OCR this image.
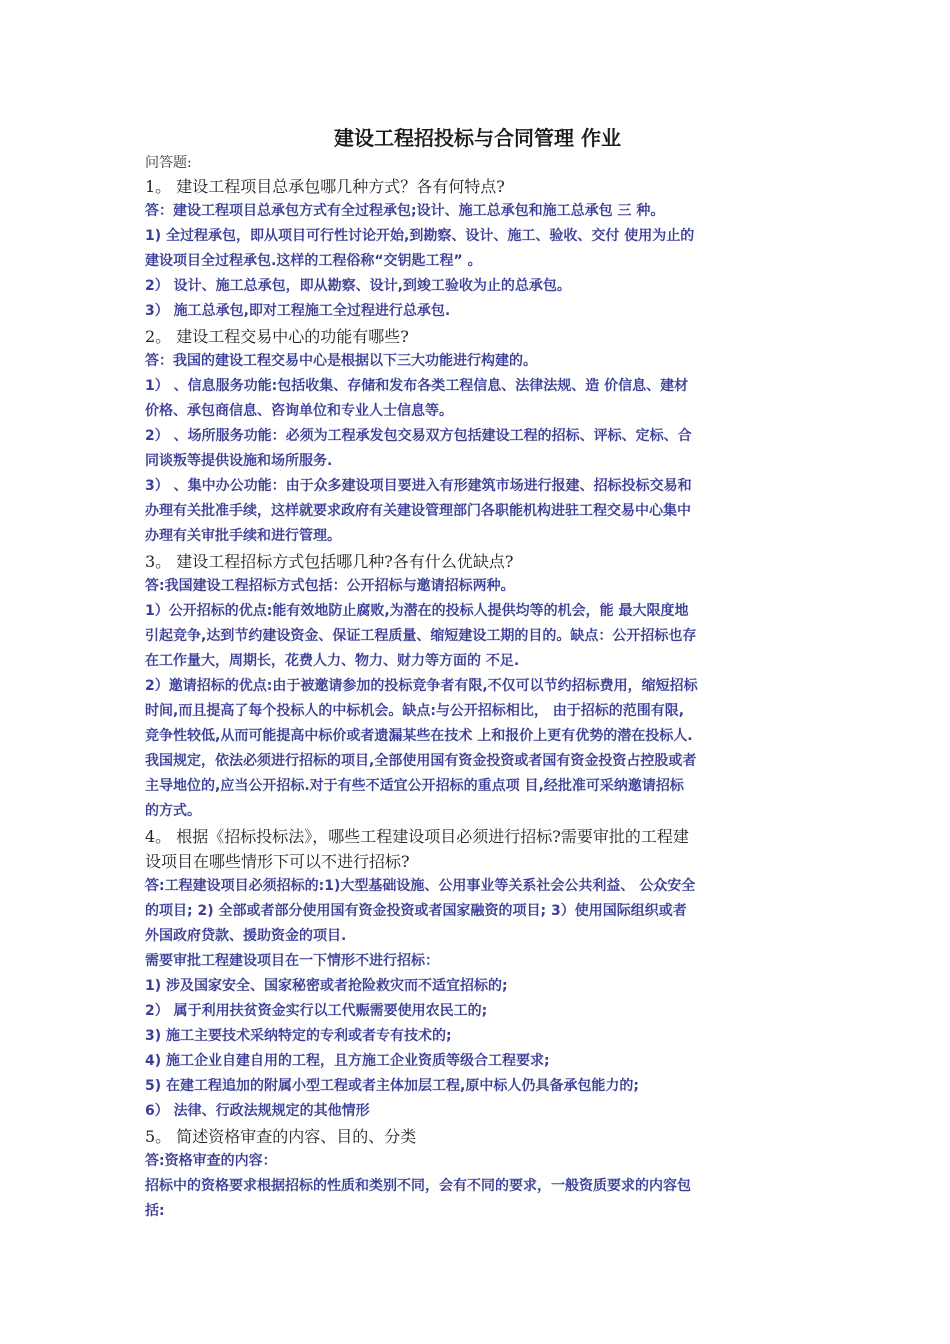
建设工程招投标与合同管理 作业
问答题:
1。 建设工程项目总承包哪几种方式？各有何特点?
答：建设工程项目总承包方式有全过程承包;设计、施工总承包和施工总承包 三 种。
1) 全过程承包，即从项目可行性讨论开始,到勘察、设计、施工、验收、交付 使用为止的
建设项目全过程承包.这样的工程俗称“交钥匙工程” 。
2） 设计、施工总承包，即从勘察、设计,到竣工验收为止的总承包。
3） 施工总承包,即对工程施工全过程进行总承包.
2。 建设工程交易中心的功能有哪些?
答：我国的建设工程交易中心是根据以下三大功能进行构建的。
1） 、信息服务功能:包括收集、存储和发布各类工程信息、法律法规、造 价信息、建材
价格、承包商信息、咨询单位和专业人士信息等。
2） 、场所服务功能：必须为工程承发包交易双方包括建设工程的招标、评标、定标、合
同谈叛等提供设施和场所服务.
3） 、集中办公功能：由于众多建设项目要进入有形建筑市场进行报建、招标投标交易和
办理有关批准手续，这样就要求政府有关建设管理部门各职能机构进驻工程交易中心集中
办理有关审批手续和进行管理。
3。 建设工程招标方式包括哪几种?各有什么优缺点?
答:我国建设工程招标方式包括：公开招标与邀请招标两种。
1）公开招标的优点:能有效地防止腐败,为潜在的投标人提供均等的机会，能 最大限度地
引起竞争,达到节约建设资金、保证工程质量、缩短建设工期的目的。缺点：公开招标也存
在工作量大，周期长，花费人力、物力、财力等方面的 不足.
2）邀请招标的优点:由于被邀请参加的投标竞争者有限,不仅可以节约招标费用，缩短招标
时间,而且提高了每个投标人的中标机会。缺点:与公开招标相比， 由于招标的范围有限,
竞争性较低,从而可能提高中标价或者遗漏某些在技术 上和报价上更有优势的潜在投标人.
我国规定，依法必须进行招标的项目,全部使用国有资金投资或者国有资金投资占控股或者
主导地位的,应当公开招标.对于有些不适宜公开招标的重点项 目,经批准可采纳邀请招标
的方式。
4。 根据《招标投标法》，哪些工程建设项目必须进行招标?需要审批的工程建
设项目在哪些情形下可以不进行招标?
答:工程建设项目必须招标的:1)大型基础设施、公用事业等关系社会公共利益、 公众安全
的项目; 2) 全部或者部分使用国有资金投资或者国家融资的项目; 3）使用国际组织或者
外国政府贷款、援助资金的项目.
需要审批工程建设项目在一下情形不进行招标：
1) 涉及国家安全、国家秘密或者抢险救灾而不适宜招标的;
2） 属于利用扶贫资金实行以工代赈需要使用农民工的;
3) 施工主要技术采纳特定的专利或者专有技术的;
4) 施工企业自建自用的工程，且方施工企业资质等级合工程要求;
5) 在建工程追加的附属小型工程或者主体加层工程,原中标人仍具备承包能力的;
6） 法律、行政法规规定的其他情形
5。 简述资格审查的内容、目的、分类
答:资格审查的内容：
招标中的资格要求根据招标的性质和类别不同，会有不同的要求，一般资质要求的内容包
括:
